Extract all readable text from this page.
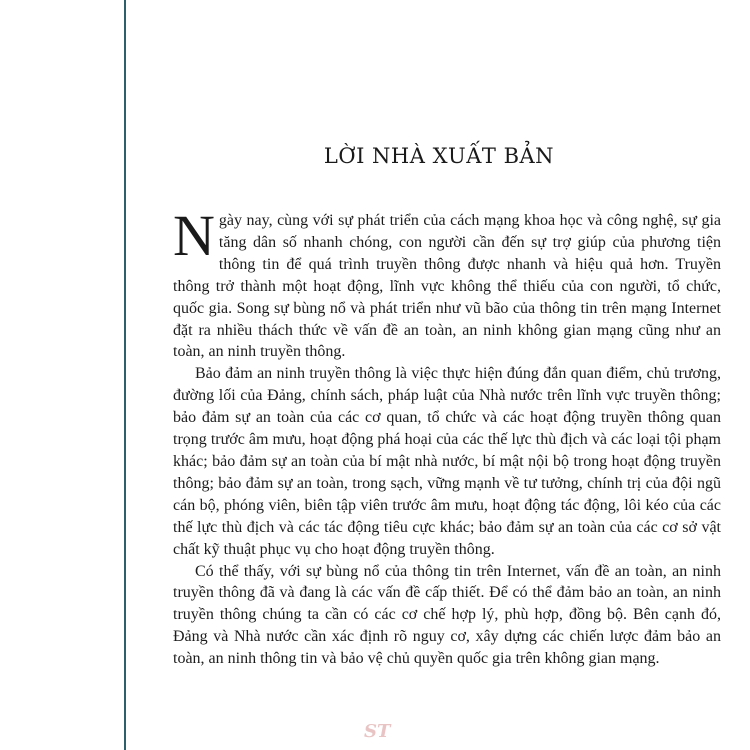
LỜI NHÀ XUẤT BẢN

Ngày nay, cùng với sự phát triển của cách mạng khoa học và công nghệ, sự gia tăng dân số nhanh chóng, con người cần đến sự trợ giúp của phương tiện thông tin để quá trình truyền thông được nhanh và hiệu quả hơn. Truyền thông trở thành một hoạt động, lĩnh vực không thể thiếu của con người, tổ chức, quốc gia. Song sự bùng nổ và phát triển như vũ bão của thông tin trên mạng Internet đặt ra nhiều thách thức về vấn đề an toàn, an ninh không gian mạng cũng như an toàn, an ninh truyền thông.

Bảo đảm an ninh truyền thông là việc thực hiện đúng đắn quan điểm, chủ trương, đường lối của Đảng, chính sách, pháp luật của Nhà nước trên lĩnh vực truyền thông; bảo đảm sự an toàn của các cơ quan, tổ chức và các hoạt động truyền thông quan trọng trước âm mưu, hoạt động phá hoại của các thế lực thù địch và các loại tội phạm khác; bảo đảm sự an toàn của bí mật nhà nước, bí mật nội bộ trong hoạt động truyền thông; bảo đảm sự an toàn, trong sạch, vững mạnh về tư tưởng, chính trị của đội ngũ cán bộ, phóng viên, biên tập viên trước âm mưu, hoạt động tác động, lôi kéo của các thế lực thù địch và các tác động tiêu cực khác; bảo đảm sự an toàn của các cơ sở vật chất kỹ thuật phục vụ cho hoạt động truyền thông.

Có thể thấy, với sự bùng nổ của thông tin trên Internet, vấn đề an toàn, an ninh truyền thông đã và đang là các vấn đề cấp thiết. Để có thể đảm bảo an toàn, an ninh truyền thông chúng ta cần có các cơ chế hợp lý, phù hợp, đồng bộ. Bên cạnh đó, Đảng và Nhà nước cần xác định rõ nguy cơ, xây dựng các chiến lược đảm bảo an toàn, an ninh thông tin và bảo vệ chủ quyền quốc gia trên không gian mạng.

ST
